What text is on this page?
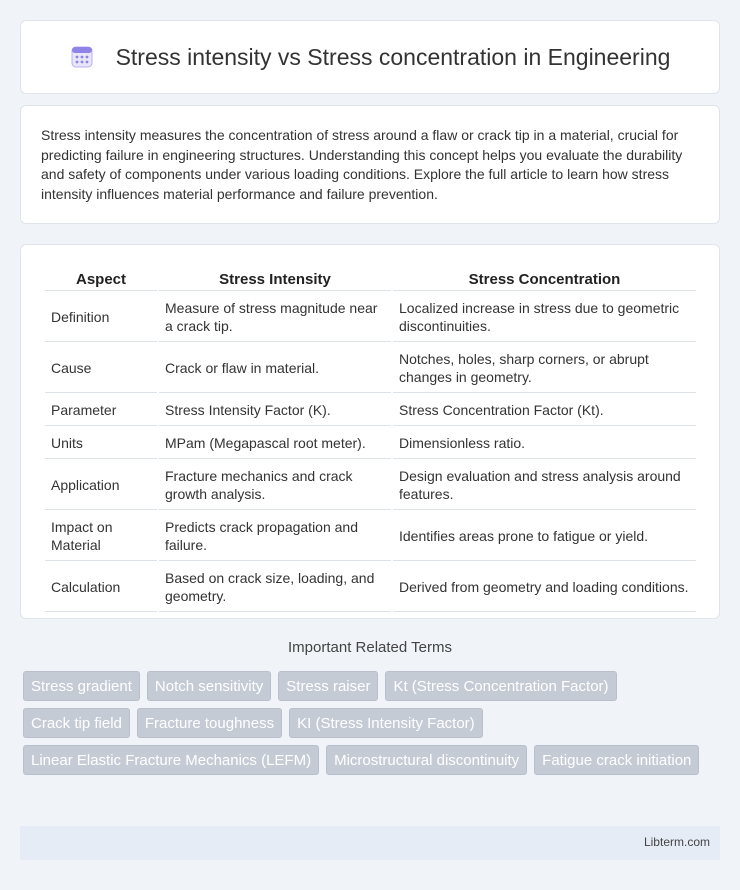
Stress intensity vs Stress concentration in Engineering

Stress intensity measures the concentration of stress around a flaw or crack tip in a material, crucial for predicting failure in engineering structures. Understanding this concept helps you evaluate the durability and safety of components under various loading conditions. Explore the full article to learn how stress intensity influences material performance and failure prevention.

Aspect	Stress Intensity	Stress Concentration
Definition	Measure of stress magnitude near a crack tip.	Localized increase in stress due to geometric discontinuities.
Cause	Crack or flaw in material.	Notches, holes, sharp corners, or abrupt changes in geometry.
Parameter	Stress Intensity Factor (K).	Stress Concentration Factor (Kt).
Units	MPam (Megapascal root meter).	Dimensionless ratio.
Application	Fracture mechanics and crack growth analysis.	Design evaluation and stress analysis around features.
Impact on Material	Predicts crack propagation and failure.	Identifies areas prone to fatigue or yield.
Calculation	Based on crack size, loading, and geometry.	Derived from geometry and loading conditions.
Important Related Terms
Stress gradient	Notch sensitivity	Stress raiser	Kt (Stress Concentration Factor)
Crack tip field	Fracture toughness	KI (Stress Intensity Factor)
Linear Elastic Fracture Mechanics (LEFM)	Microstructural discontinuity	Fatigue crack initiation
Libterm.com
